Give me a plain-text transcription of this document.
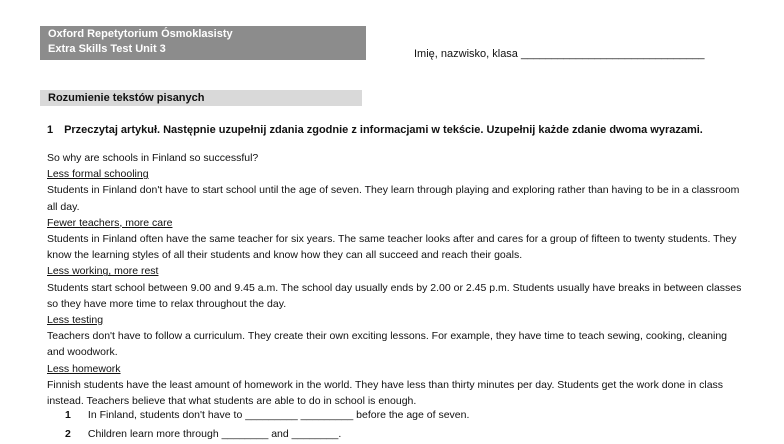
Oxford Repetytorium Ósmoklasisty
Extra Skills Test Unit 3	Imię, nazwisko, klasa ______________________________
Rozumienie tekstów pisanych
1 Przeczytaj artykuł. Następnie uzupełnij zdania zgodnie z informacjami w tekście. Uzupełnij każde zdanie dwoma wyrazami.
So why are schools in Finland so successful?
Less formal schooling
Students in Finland don't have to start school until the age of seven. They learn through playing and exploring rather than having to be in a classroom all day.
Fewer teachers, more care
Students in Finland often have the same teacher for six years. The same teacher looks after and cares for a group of fifteen to twenty students. They know the learning styles of all their students and know how they can all succeed and reach their goals.
Less working, more rest
Students start school between 9.00 and 9.45 a.m. The school day usually ends by 2.00 or 2.45 p.m. Students usually have breaks in between classes so they have more time to relax throughout the day.
Less testing
Teachers don't have to follow a curriculum. They create their own exciting lessons. For example, they have time to teach sewing, cooking, cleaning and woodwork.
Less homework
Finnish students have the least amount of homework in the world. They have less than thirty minutes per day. Students get the work done in class instead. Teachers believe that what students are able to do in school is enough.
1 In Finland, students don't have to _________ _________ before the age of seven.
2 Children learn more through ________ and ________.
